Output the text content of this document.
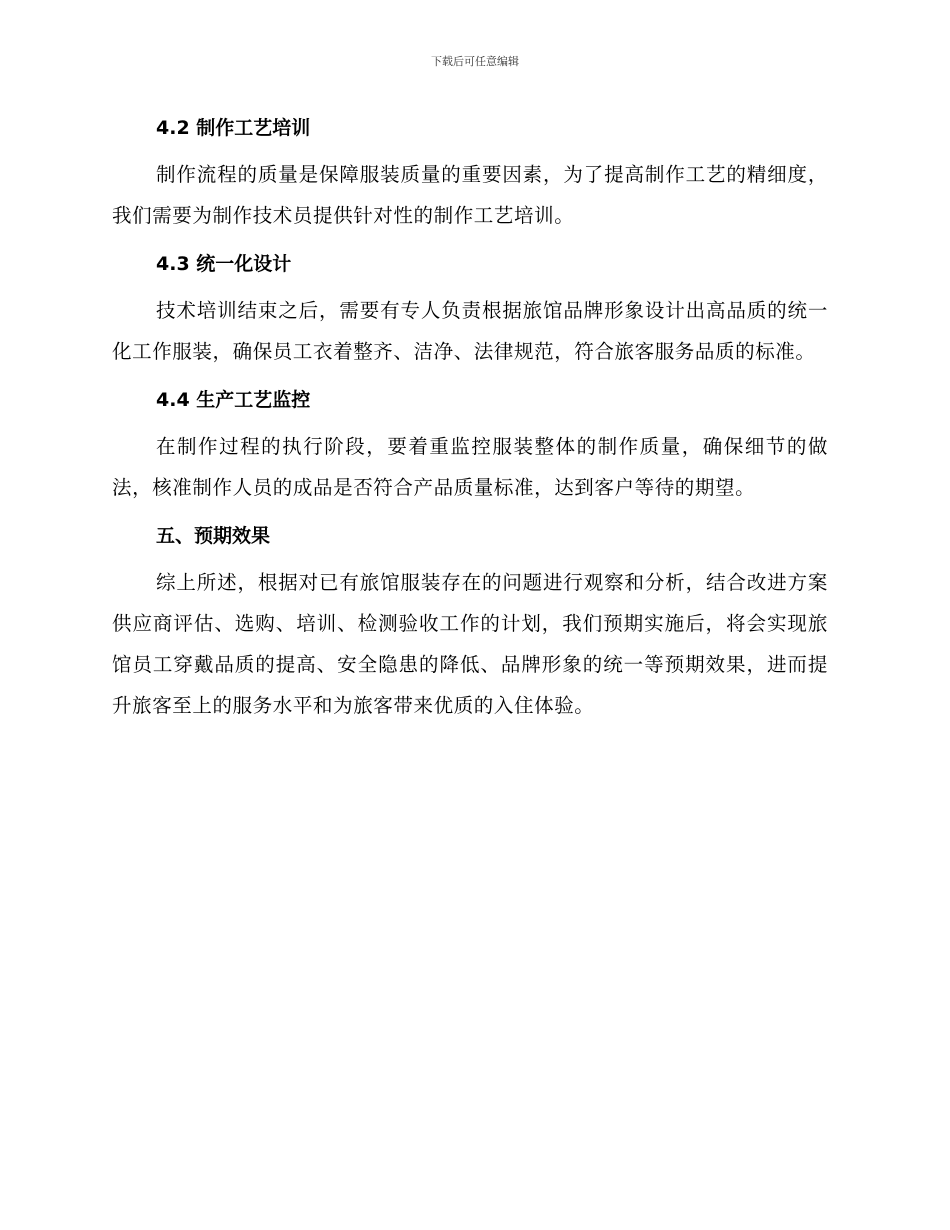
下载后可任意编辑
4.2 制作工艺培训

制作流程的质量是保障服装质量的重要因素，为了提高制作工艺的精细度，我们需要为制作技术员提供针对性的制作工艺培训。

4.3 统一化设计

技术培训结束之后，需要有专人负责根据旅馆品牌形象设计出高品质的统一化工作服装，确保员工衣着整齐、洁净、法律规范，符合旅客服务品质的标准。

4.4 生产工艺监控

在制作过程的执行阶段，要着重监控服装整体的制作质量，确保细节的做法，核准制作人员的成品是否符合产品质量标准，达到客户等待的期望。

五、预期效果

综上所述，根据对已有旅馆服装存在的问题进行观察和分析，结合改进方案供应商评估、选购、培训、检测验收工作的计划，我们预期实施后，将会实现旅馆员工穿戴品质的提高、安全隐患的降低、品牌形象的统一等预期效果，进而提升旅客至上的服务水平和为旅客带来优质的入住体验。
